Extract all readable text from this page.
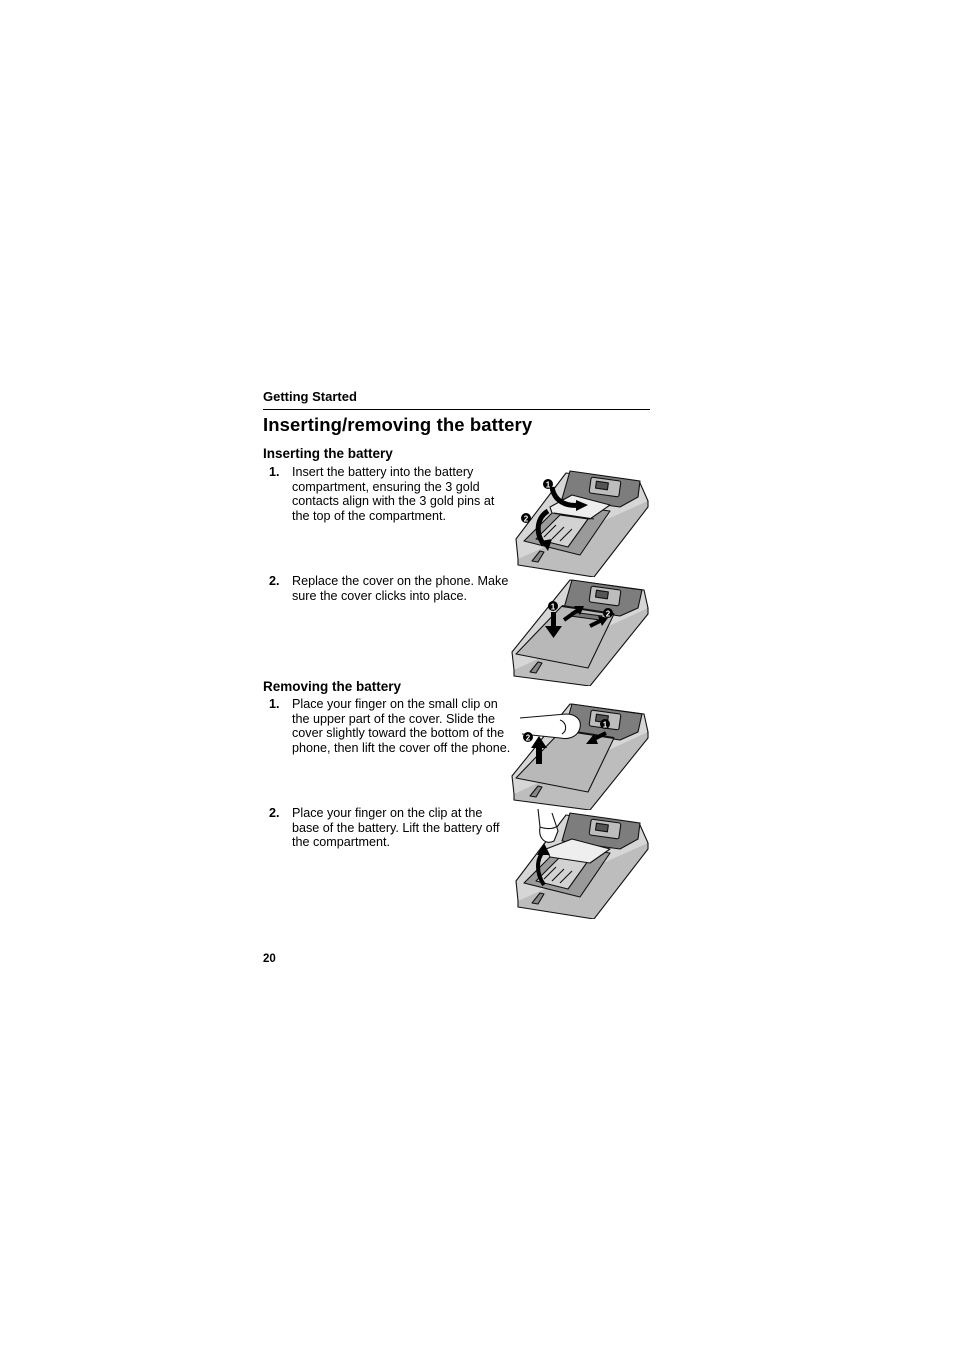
Getting Started
Inserting/removing the battery
Inserting the battery
1. Insert the battery into the battery compartment, ensuring the 3 gold contacts align with the 3 gold pins at the top of the compartment.
2. Replace the cover on the phone. Make sure the cover clicks into place.
Removing the battery
1. Place your finger on the small clip on the upper part of the cover. Slide the cover slightly toward the bottom of the phone, then lift the cover off the phone.
2. Place your finger on the clip at the base of the battery. Lift the battery off the compartment.
1
2
1
2
1
2
20
